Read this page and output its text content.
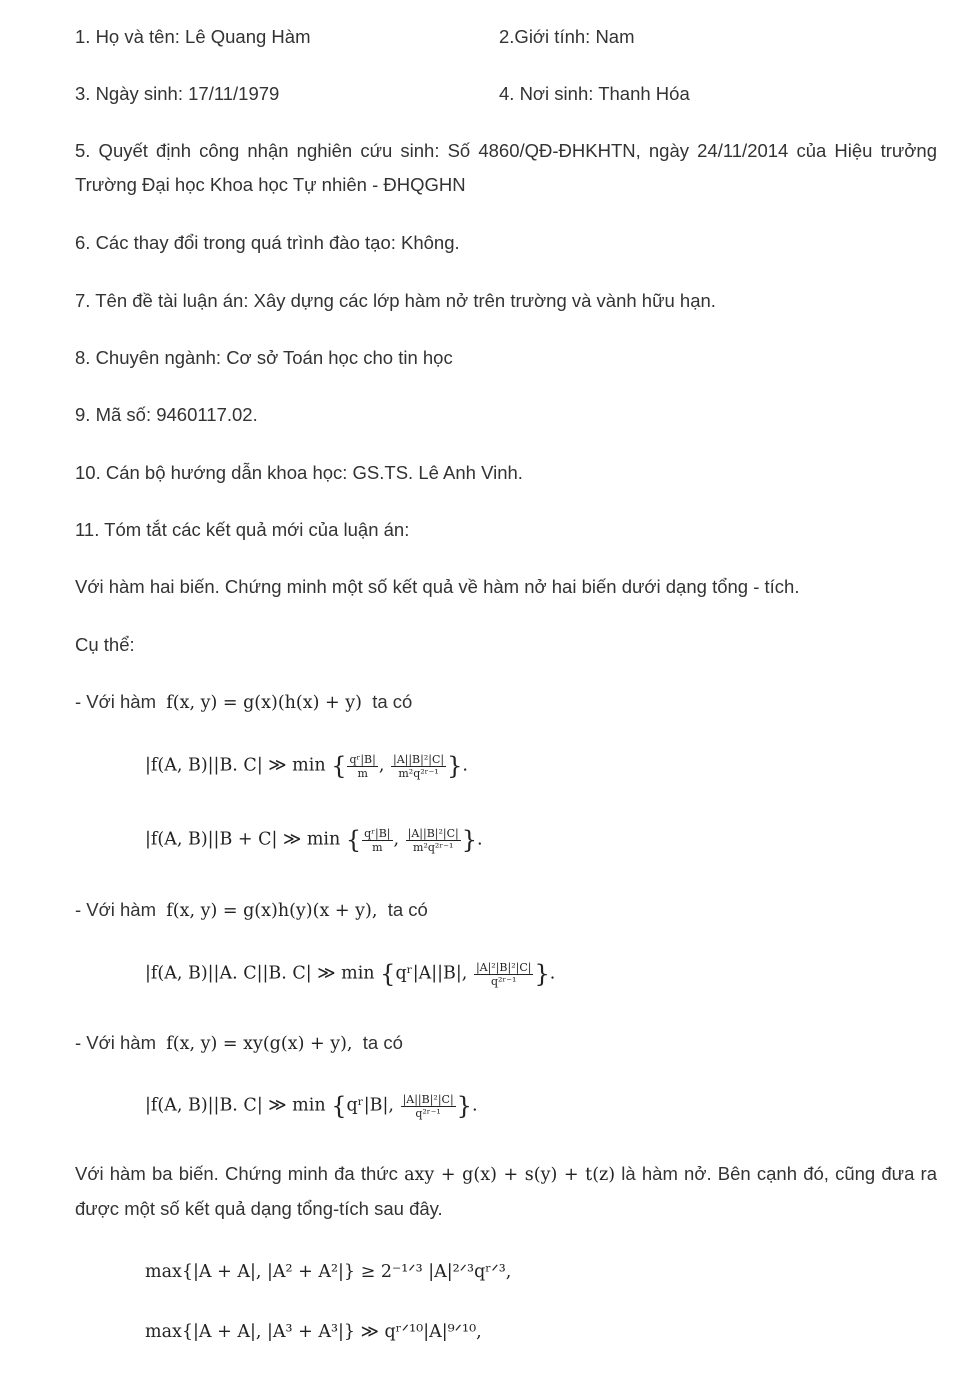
1. Họ và tên: Lê Quang Hàm	2.Giới tính: Nam
3. Ngày sinh: 17/11/1979	4. Nơi sinh: Thanh Hóa
5. Quyết định công nhận nghiên cứu sinh: Số 4860/QĐ-ĐHKHTN, ngày 24/11/2014 của Hiệu trưởng Trường Đại học Khoa học Tự nhiên - ĐHQGHN
6. Các thay đổi trong quá trình đào tạo: Không.
7. Tên đề tài luận án: Xây dựng các lớp hàm nở trên trường và vành hữu hạn.
8. Chuyên ngành: Cơ sở Toán học cho tin học
9. Mã số: 9460117.02.
10. Cán bộ hướng dẫn khoa học: GS.TS. Lê Anh Vinh.
11. Tóm tắt các kết quả mới của luận án:
Với hàm hai biến. Chứng minh một số kết quả về hàm nở hai biến dưới dạng tổng - tích.
Cụ thể:
- Với hàm f(x, y) = g(x)(h(x) + y) ta có
|f(A, B)||B. C| ≫ min { $\frac{\text{qʳ|B|}}{m}$ , $\frac{\text{|A||B|²|C|}}{\text{m²q²ʳ⁻¹}}$ }.
|f(A, B)||B + C| ≫ min { $\frac{\text{qʳ|B|}}{m}$ , $\frac{\text{|A||B|²|C|}}{\text{m²q²ʳ⁻¹}}$ }.
- Với hàm f(x, y) = g(x)h(y)(x + y), ta có
|f(A, B)||A. C||B. C| ≫ min {qʳ|A||B|, $\frac{\text{|A|²|B|²|C|}}{\text{q²ʳ⁻¹}}$ }.
- Với hàm f(x, y) = xy(g(x) + y), ta có
|f(A, B)||B. C| ≫ min {qʳ|B|, $\frac{\text{|A||B|²|C|}}{\text{q²ʳ⁻¹}}$ }.
Với hàm ba biến. Chứng minh đa thức axy + g(x) + s(y) + t(z) là hàm nở. Bên cạnh đó, cũng đưa ra được một số kết quả dạng tổng-tích sau đây.
max{|A + A|, |A² + A²|} ≥ 2⁻¹ᐟ³ |A|²ᐟ³qʳᐟ³,
max{|A + A|, |A³ + A³|} ≫ qʳᐟ¹⁰|A|⁹ᐟ¹⁰,
